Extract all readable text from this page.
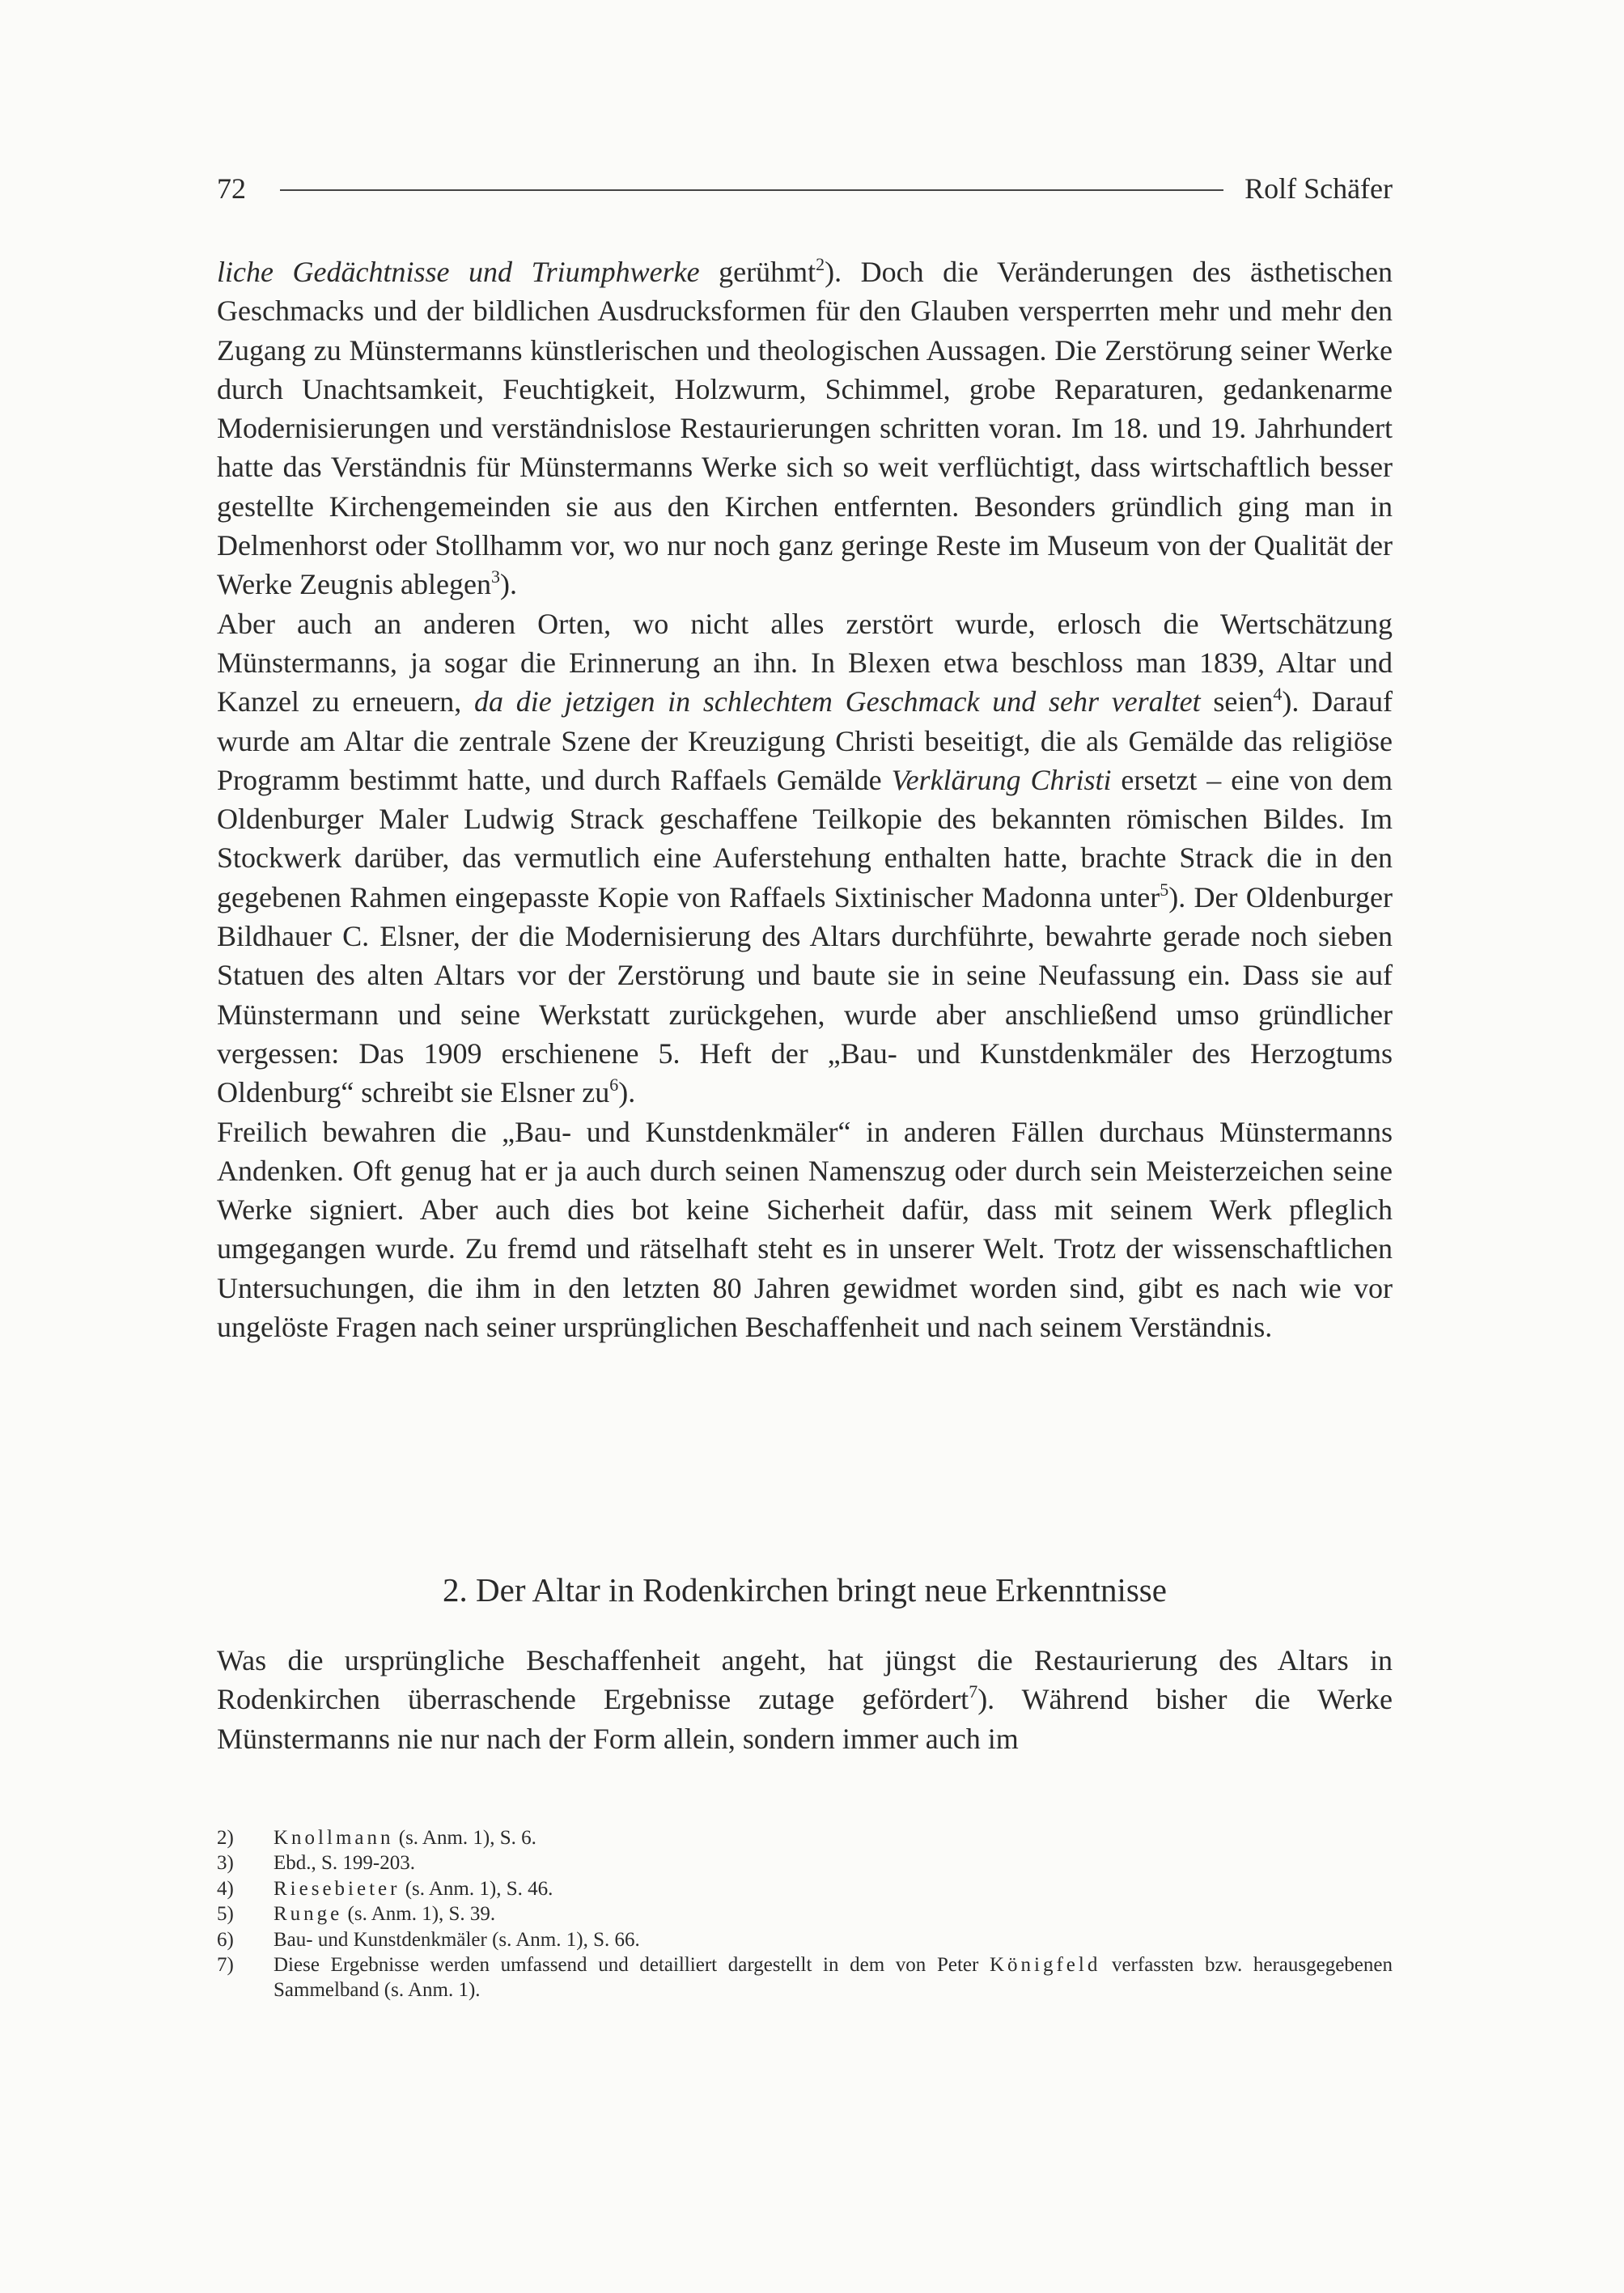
72	Rolf Schäfer

liche Gedächtnisse und Triumphwerke gerühmt$^2$). Doch die Veränderungen des ästhetischen Geschmacks und der bildlichen Ausdrucksformen für den Glauben versperrten mehr und mehr den Zugang zu Münstermanns künstlerischen und theologischen Aussagen. Die Zerstörung seiner Werke durch Unachtsamkeit, Feuchtigkeit, Holzwurm, Schimmel, grobe Reparaturen, gedankenarme Modernisierungen und verständnislose Restaurierungen schritten voran. Im 18. und 19. Jahrhundert hatte das Verständnis für Münstermanns Werke sich so weit verflüchtigt, dass wirtschaftlich besser gestellte Kirchengemeinden sie aus den Kirchen entfernten. Besonders gründlich ging man in Delmenhorst oder Stollhamm vor, wo nur noch ganz geringe Reste im Museum von der Qualität der Werke Zeugnis ablegen$^3$).

Aber auch an anderen Orten, wo nicht alles zerstört wurde, erlosch die Wertschätzung Münstermanns, ja sogar die Erinnerung an ihn. In Blexen etwa beschloss man 1839, Altar und Kanzel zu erneuern, da die jetzigen in schlechtem Geschmack und sehr veraltet seien$^4$). Darauf wurde am Altar die zentrale Szene der Kreuzigung Christi beseitigt, die als Gemälde das religiöse Programm bestimmt hatte, und durch Raffaels Gemälde Verklärung Christi ersetzt – eine von dem Oldenburger Maler Ludwig Strack geschaffene Teilkopie des bekannten römischen Bildes. Im Stockwerk darüber, das vermutlich eine Auferstehung enthalten hatte, brachte Strack die in den gegebenen Rahmen eingepasste Kopie von Raffaels Sixtinischer Madonna unter$^5$). Der Oldenburger Bildhauer C. Elsner, der die Modernisierung des Altars durchführte, bewahrte gerade noch sieben Statuen des alten Altars vor der Zerstörung und baute sie in seine Neufassung ein. Dass sie auf Münstermann und seine Werkstatt zurückgehen, wurde aber anschließend umso gründlicher vergessen: Das 1909 erschienene 5. Heft der „Bau- und Kunstdenkmäler des Herzogtums Oldenburg“ schreibt sie Elsner $zu^6$).

Freilich bewahren die „Bau- und Kunstdenkmäler“ in anderen Fällen durchaus Münstermanns Andenken. Oft genug hat er ja auch durch seinen Namenszug oder durch sein Meisterzeichen seine Werke signiert. Aber auch dies bot keine Sicherheit dafür, dass mit seinem Werk pfleglich umgegangen wurde. Zu fremd und rätselhaft steht es in unserer Welt. Trotz der wissenschaftlichen Untersuchungen, die ihm in den letzten 80 Jahren gewidmet worden sind, gibt es nach wie vor ungelöste Fragen nach seiner ursprünglichen Beschaffenheit und nach seinem Verständnis.

2. Der Altar in Rodenkirchen bringt neue Erkenntnisse

Was die ursprüngliche Beschaffenheit angeht, hat jüngst die Restaurierung des Altars in Rodenkirchen überraschende Ergebnisse zutage gefördert$^7$). Während bisher die Werke Münstermanns nie nur nach der Form allein, sondern immer auch im

2)	Knollmann (s. Anm. 1), S. 6.
3)	Ebd., S. 199-203.
4)	Riesebieter (s. Anm. 1), S. 46.
5)	Runge (s. Anm. 1), S. 39.
6)	Bau- und Kunstdenkmäler (s. Anm. 1), S. 66.
7)	Diese Ergebnisse werden umfassend und detailliert dargestellt in dem von Peter Königfeld verfassten bzw. herausgegebenen Sammelband (s. Anm. 1).
